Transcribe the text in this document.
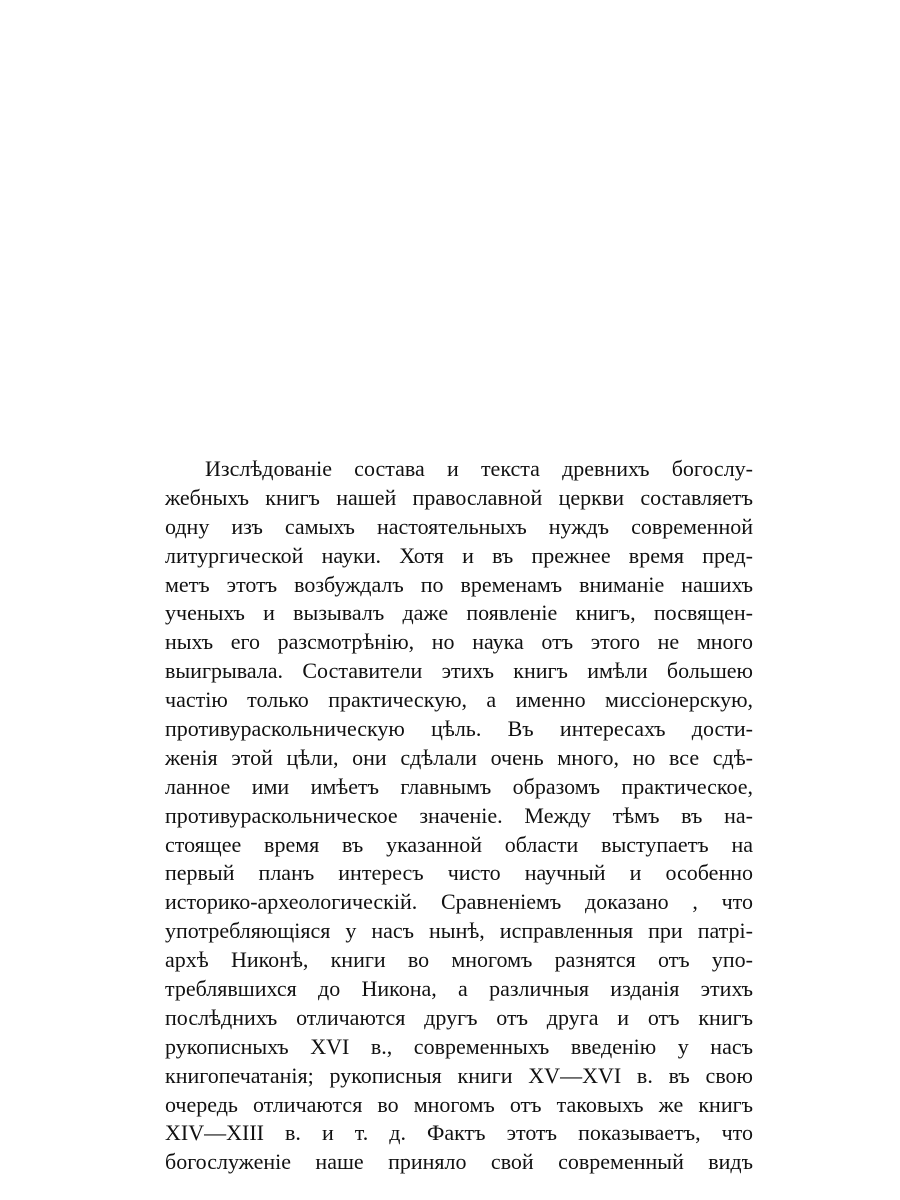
Изслѣдованіе состава и текста древнихъ богослу-
жебныхъ книгъ нашей православной церкви составляетъ
одну изъ самыхъ настоятельныхъ нуждъ современной
литургической науки. Хотя и въ прежнее время пред-
метъ этотъ возбуждалъ по временамъ вниманіе нашихъ
ученыхъ и вызывалъ даже появленіе книгъ, посвящен-
ныхъ его разсмотрѣнію, но наука отъ этого не много
выигрывала. Составители этихъ книгъ имѣли большею
частію только практическую, а именно миссіонерскую,
противураскольническую цѣль. Въ интересахъ дости-
женія этой цѣли, они сдѣлали очень много, но все сдѣ-
ланное ими имѣетъ главнымъ образомъ практическое,
противураскольническое значеніе. Между тѣмъ въ на-
стоящее время въ указанной области выступаетъ на
первый планъ интересъ чисто научный и особенно
историко-археологическій. Сравненіемъ доказано , что
употребляющіяся у насъ нынѣ, исправленныя при патрі-
архѣ Никонѣ, книги во многомъ разнятся отъ упо-
треблявшихся до Никона, а различныя изданія этихъ
послѣднихъ отличаются другъ отъ друга и отъ книгъ
рукописныхъ XVI в., современныхъ введенію у насъ
книгопечатанія; рукописныя книги XV—XVI в. въ свою
очередь отличаются во многомъ отъ таковыхъ же книгъ
XIV—XIII в. и т. д. Фактъ этотъ показываетъ, что
богослуженіе наше приняло свой современный видъ
